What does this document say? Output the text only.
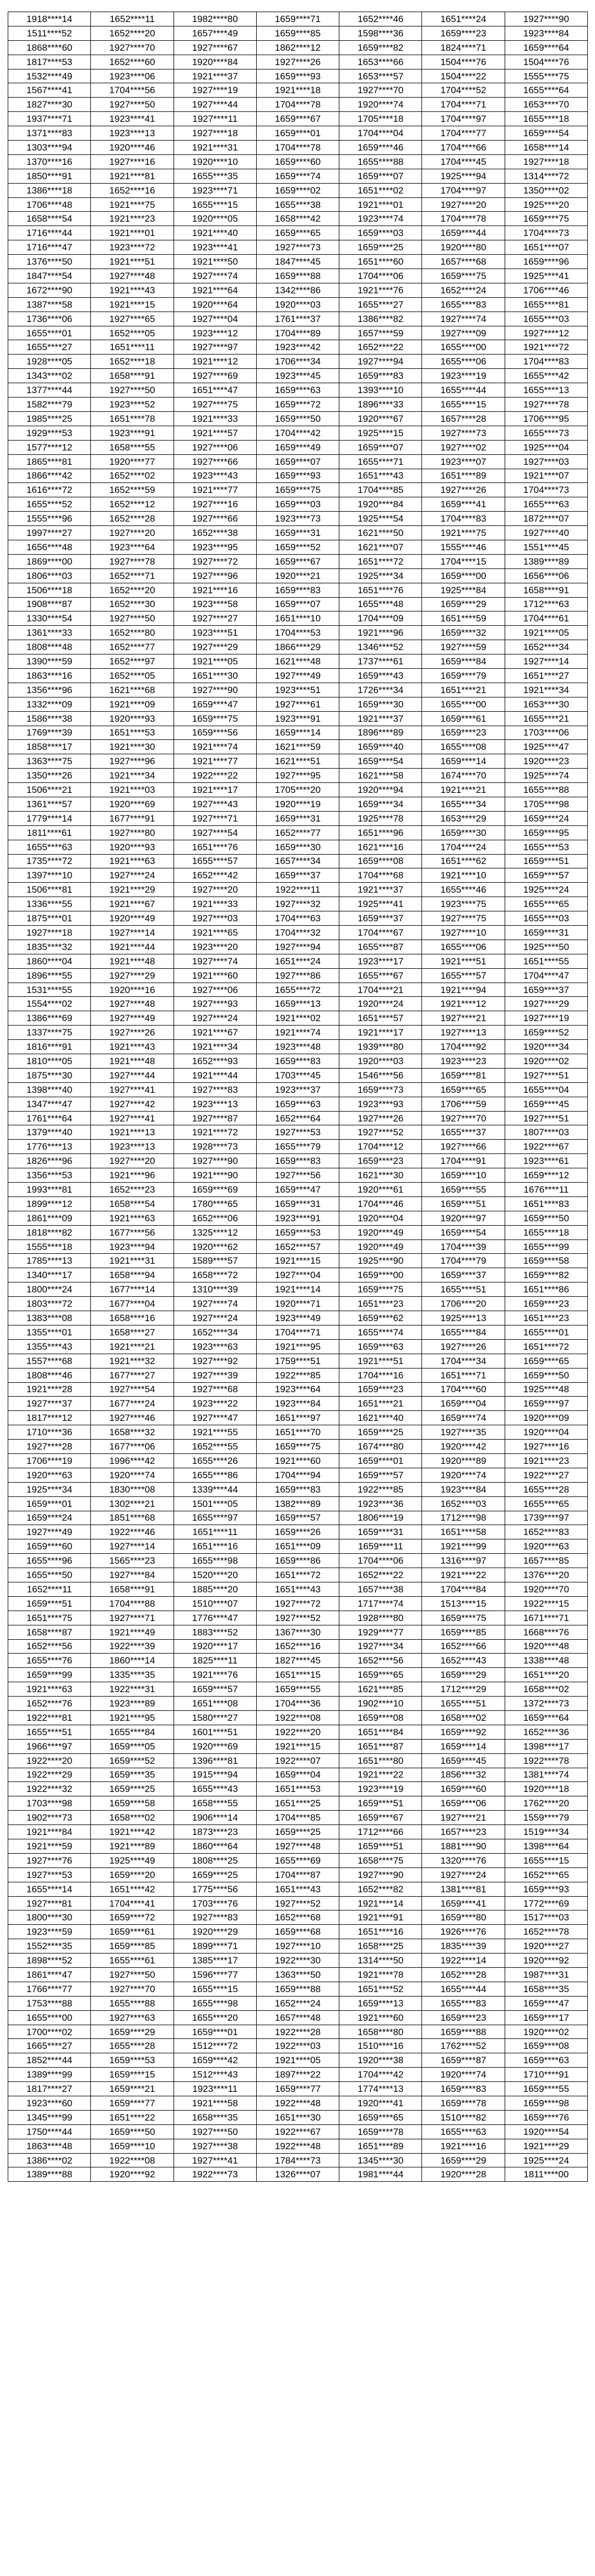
1918****14	1652****11	1982****80	1659****71	1652****46	1651****24	1927****90
1511****52	1652****20	1657****49	1659****85	1598****36	1659****23	1923****84
1868****60	1927****70	1927****67	1862****12	1659****82	1824****71	1659****64
1817****53	1652****60	1920****84	1927****26	1653****66	1504****76	1504****76
1532****49	1923****06	1921****37	1659****93	1653****57	1504****22	1555****75
1567****41	1704****56	1927****19	1921****18	1927****70	1704****52	1655****64
1827****30	1927****50	1927****44	1704****78	1920****74	1704****71	1653****70
1937****71	1923****41	1927****11	1659****67	1705****18	1704****97	1655****18
1371****83	1923****13	1927****18	1659****01	1704****04	1704****77	1659****54
1303****94	1920****46	1921****31	1704****78	1659****46	1704****66	1658****14
1370****16	1927****16	1920****10	1659****60	1655****88	1704****45	1927****18
1850****91	1921****81	1655****35	1659****74	1659****07	1925****94	1314****72
1386****18	1652****16	1923****71	1659****02	1651****02	1704****97	1350****02
1706****48	1921****75	1655****15	1655****38	1921****01	1927****20	1925****20
1658****54	1921****23	1920****05	1658****42	1923****74	1704****78	1659****75
1716****44	1921****01	1921****40	1659****65	1659****03	1659****44	1704****73
1716****47	1923****72	1923****41	1927****73	1659****25	1920****80	1651****07
1376****50	1921****51	1921****50	1847****45	1651****60	1657****68	1659****96
1847****54	1927****48	1927****74	1659****88	1704****06	1659****75	1925****41
1672****90	1921****43	1921****64	1342****86	1921****76	1652****24	1706****46
1387****58	1921****15	1920****64	1920****03	1655****27	1655****83	1655****81
1736****06	1927****65	1927****04	1761****37	1386****82	1927****74	1655****03
1655****01	1652****05	1923****12	1704****89	1657****59	1927****09	1927****12
1655****27	1651****11	1927****97	1923****42	1652****22	1655****00	1921****72
1928****05	1652****18	1921****12	1706****34	1927****94	1655****06	1704****83
1343****02	1658****91	1927****69	1923****45	1659****83	1923****19	1655****42
1377****44	1927****50	1651****47	1659****63	1393****10	1655****44	1655****13
1582****79	1923****52	1927****75	1659****72	1896****33	1655****15	1927****78
1985****25	1651****78	1921****33	1659****50	1920****67	1657****28	1706****95
1929****53	1923****91	1921****57	1704****42	1925****15	1927****73	1655****73
1577****12	1658****55	1927****06	1659****49	1659****07	1927****02	1925****04
1865****81	1920****77	1927****66	1659****07	1655****71	1923****07	1927****03
1866****42	1652****02	1923****43	1659****93	1651****43	1651****89	1921****07
1616****72	1652****59	1921****77	1659****75	1704****85	1927****26	1704****73
1655****52	1652****12	1927****16	1659****03	1920****84	1659****41	1655****63
1555****96	1652****28	1927****66	1923****73	1925****54	1704****83	1872****07
1997****27	1927****20	1652****38	1659****31	1621****50	1921****75	1927****40
1656****48	1923****64	1923****95	1659****52	1621****07	1555****46	1551****45
1869****00	1927****78	1927****72	1659****67	1651****72	1704****15	1389****89
1806****03	1652****71	1927****96	1920****21	1925****34	1659****00	1656****06
1506****18	1652****20	1921****16	1659****83	1651****76	1925****84	1658****91
1908****87	1652****30	1923****58	1659****07	1655****48	1659****29	1712****63
1330****54	1927****50	1927****27	1651****10	1704****09	1651****59	1704****61
1361****33	1652****80	1923****51	1704****53	1921****96	1659****32	1921****05
1808****48	1652****77	1927****29	1866****29	1346****52	1927****59	1652****34
1390****59	1652****97	1921****05	1621****48	1737****61	1659****84	1927****14
1863****16	1652****05	1651****30	1927****49	1659****43	1659****79	1651****27
1356****96	1621****68	1927****90	1923****51	1726****34	1651****21	1921****34
1332****09	1921****09	1659****47	1927****61	1659****30	1655****00	1653****30
1586****38	1920****93	1659****75	1923****91	1921****37	1659****61	1655****21
1769****39	1651****53	1659****56	1659****14	1896****89	1659****23	1703****06
1858****17	1921****30	1921****74	1621****59	1659****40	1655****08	1925****47
1363****75	1927****96	1921****77	1621****51	1659****54	1659****14	1920****23
1350****26	1921****34	1922****22	1927****95	1621****58	1674****70	1925****74
1506****21	1921****03	1921****17	1705****20	1920****94	1921****21	1655****88
1361****57	1920****69	1927****43	1920****19	1659****34	1655****34	1705****98
1779****14	1677****91	1927****71	1659****31	1925****78	1653****29	1659****24
1811****61	1927****80	1927****54	1652****77	1651****96	1659****30	1659****95
1655****63	1920****93	1651****76	1659****30	1621****16	1704****24	1655****53
1735****72	1921****63	1655****57	1657****34	1659****08	1651****62	1659****51
1397****10	1927****24	1652****42	1659****37	1704****68	1921****10	1659****57
1506****81	1921****29	1927****20	1922****11	1921****37	1655****46	1925****24
1336****55	1921****67	1921****33	1927****32	1925****41	1923****75	1655****65
1875****01	1920****49	1927****03	1704****63	1659****37	1927****75	1655****03
1927****18	1927****14	1921****65	1704****32	1704****67	1927****10	1659****31
1835****32	1921****44	1923****20	1927****94	1655****87	1655****06	1925****50
1860****04	1921****48	1927****74	1651****24	1923****17	1921****51	1651****55
1896****55	1927****29	1921****60	1927****86	1655****67	1655****57	1704****47
1531****55	1920****16	1927****06	1655****72	1704****21	1921****94	1659****37
1554****02	1927****48	1927****93	1659****13	1920****24	1921****12	1927****29
1386****69	1927****49	1927****24	1921****02	1651****57	1927****21	1927****19
1337****75	1927****26	1921****67	1921****74	1921****17	1927****13	1659****52
1816****91	1921****43	1921****34	1923****48	1939****80	1704****92	1920****34
1810****05	1921****48	1652****93	1659****83	1920****03	1923****23	1920****02
1875****30	1927****44	1921****44	1703****45	1546****56	1659****81	1927****51
1398****40	1927****41	1927****83	1923****37	1659****73	1659****65	1655****04
1347****47	1927****42	1923****13	1659****63	1923****93	1706****59	1659****45
1761****64	1927****41	1927****87	1652****64	1927****26	1927****70	1927****51
1379****40	1921****13	1921****72	1927****53	1927****52	1655****37	1807****03
1776****13	1923****13	1928****73	1655****79	1704****12	1927****66	1922****67
1826****96	1927****20	1927****90	1659****83	1659****23	1704****91	1923****61
1356****53	1921****96	1921****90	1927****56	1621****30	1659****10	1659****12
1993****81	1652****23	1659****69	1659****47	1920****61	1659****55	1676****11
1899****12	1658****54	1780****65	1659****31	1704****46	1659****51	1651****83
1861****09	1921****63	1652****06	1923****91	1920****04	1920****97	1659****50
1818****82	1677****56	1325****12	1659****53	1920****49	1659****54	1655****18
1555****18	1923****94	1920****62	1652****57	1920****49	1704****39	1655****99
1785****13	1921****31	1589****57	1921****15	1925****90	1704****79	1659****58
1340****17	1658****94	1658****72	1927****04	1659****00	1659****37	1659****82
1800****24	1677****14	1310****39	1921****14	1659****75	1655****51	1651****86
1803****72	1677****04	1927****74	1920****71	1651****23	1706****20	1659****23
1383****08	1658****16	1927****24	1923****49	1659****62	1925****13	1651****23
1355****01	1658****27	1652****34	1704****71	1655****74	1655****84	1655****01
1355****43	1921****21	1923****63	1921****95	1659****63	1927****26	1651****72
1557****68	1921****32	1927****92	1759****51	1921****51	1704****34	1659****65
1808****46	1677****27	1927****39	1922****85	1704****16	1651****71	1659****50
1921****28	1927****54	1927****68	1923****64	1659****23	1704****60	1925****48
1927****37	1677****24	1923****22	1923****84	1651****21	1659****04	1659****97
1817****12	1927****46	1927****47	1651****97	1621****40	1659****74	1920****09
1710****36	1658****32	1921****55	1651****70	1659****25	1927****35	1920****04
1927****28	1677****06	1652****55	1659****75	1674****80	1920****42	1927****16
1706****19	1996****42	1655****26	1921****60	1659****01	1920****89	1921****23
1920****63	1920****74	1655****86	1704****94	1659****57	1920****74	1922****27
1925****34	1830****08	1339****44	1659****83	1922****85	1923****84	1655****28
1659****01	1302****21	1501****05	1382****89	1923****36	1652****03	1655****65
1659****24	1851****68	1655****97	1659****57	1806****19	1712****98	1739****97
1927****49	1922****46	1651****11	1659****26	1659****31	1651****58	1652****83
1659****60	1927****14	1651****16	1651****09	1659****11	1921****99	1920****63
1655****96	1565****23	1655****98	1659****86	1704****06	1316****97	1657****85
1655****50	1927****84	1520****20	1651****72	1652****22	1921****22	1376****20
1652****11	1658****91	1885****20	1651****43	1657****38	1704****84	1920****70
1659****51	1704****88	1510****07	1927****72	1717****74	1513****15	1922****15
1651****75	1927****71	1776****47	1927****52	1928****80	1659****75	1671****71
1658****87	1921****49	1883****52	1367****30	1929****77	1659****85	1668****76
1652****56	1922****39	1920****17	1652****16	1927****34	1652****66	1920****48
1655****76	1860****14	1825****11	1827****45	1652****56	1652****43	1338****48
1659****99	1335****35	1921****76	1651****15	1659****65	1659****29	1651****20
1921****63	1922****31	1659****57	1659****55	1621****85	1712****29	1658****02
1652****76	1923****89	1651****08	1704****36	1902****10	1655****51	1372****73
1922****81	1921****95	1580****27	1922****08	1659****08	1658****02	1659****64
1655****51	1655****84	1601****51	1922****20	1651****84	1659****92	1652****36
1966****97	1659****05	1920****69	1921****15	1651****87	1659****14	1398****17
1922****20	1659****52	1396****81	1922****07	1651****80	1659****45	1922****78
1922****29	1659****35	1915****94	1659****04	1921****22	1856****32	1381****74
1922****32	1659****25	1655****43	1651****53	1923****19	1659****60	1920****18
1703****98	1659****58	1658****55	1651****25	1659****51	1659****06	1762****20
1902****73	1658****02	1906****14	1704****85	1659****67	1927****21	1559****79
1921****84	1921****42	1873****23	1659****25	1712****66	1657****23	1519****34
1921****59	1921****89	1860****64	1927****48	1659****51	1881****90	1398****64
1927****76	1925****49	1808****25	1655****69	1658****75	1320****76	1655****15
1927****53	1659****20	1659****25	1704****87	1927****90	1927****24	1652****65
1655****14	1651****42	1775****56	1651****43	1652****82	1381****81	1659****93
1927****81	1704****41	1703****76	1927****52	1921****14	1659****41	1772****69
1800****30	1659****72	1927****83	1652****68	1921****91	1659****80	1517****03
1923****59	1659****61	1920****29	1659****68	1651****16	1926****76	1652****78
1552****35	1659****85	1899****71	1927****10	1658****25	1835****39	1920****27
1898****52	1655****61	1385****17	1922****30	1314****50	1922****14	1920****92
1861****47	1927****50	1596****77	1363****50	1921****78	1652****28	1987****31
1766****77	1927****70	1655****15	1659****88	1651****52	1655****44	1658****35
1753****88	1655****88	1655****98	1652****24	1659****13	1655****83	1659****47
1655****00	1927****63	1655****20	1657****48	1921****60	1659****23	1659****17
1700****02	1659****29	1659****01	1922****28	1658****80	1659****88	1920****02
1665****27	1655****28	1512****72	1922****03	1510****16	1762****52	1659****08
1852****44	1659****53	1659****42	1921****05	1920****38	1659****87	1659****63
1389****99	1659****15	1512****43	1897****22	1704****42	1920****74	1710****91
1817****27	1659****21	1923****11	1659****77	1774****13	1659****83	1659****55
1923****60	1659****77	1921****58	1922****48	1920****41	1659****78	1659****98
1345****99	1651****22	1658****35	1651****30	1659****65	1510****82	1659****76
1750****44	1659****50	1927****50	1922****67	1659****78	1655****63	1920****54
1863****48	1659****10	1927****38	1922****48	1651****89	1921****16	1921****29
1386****02	1922****08	1927****41	1784****73	1345****30	1659****29	1925****24
1389****88	1920****92	1922****73	1326****07	1981****44	1920****28	1811****00
